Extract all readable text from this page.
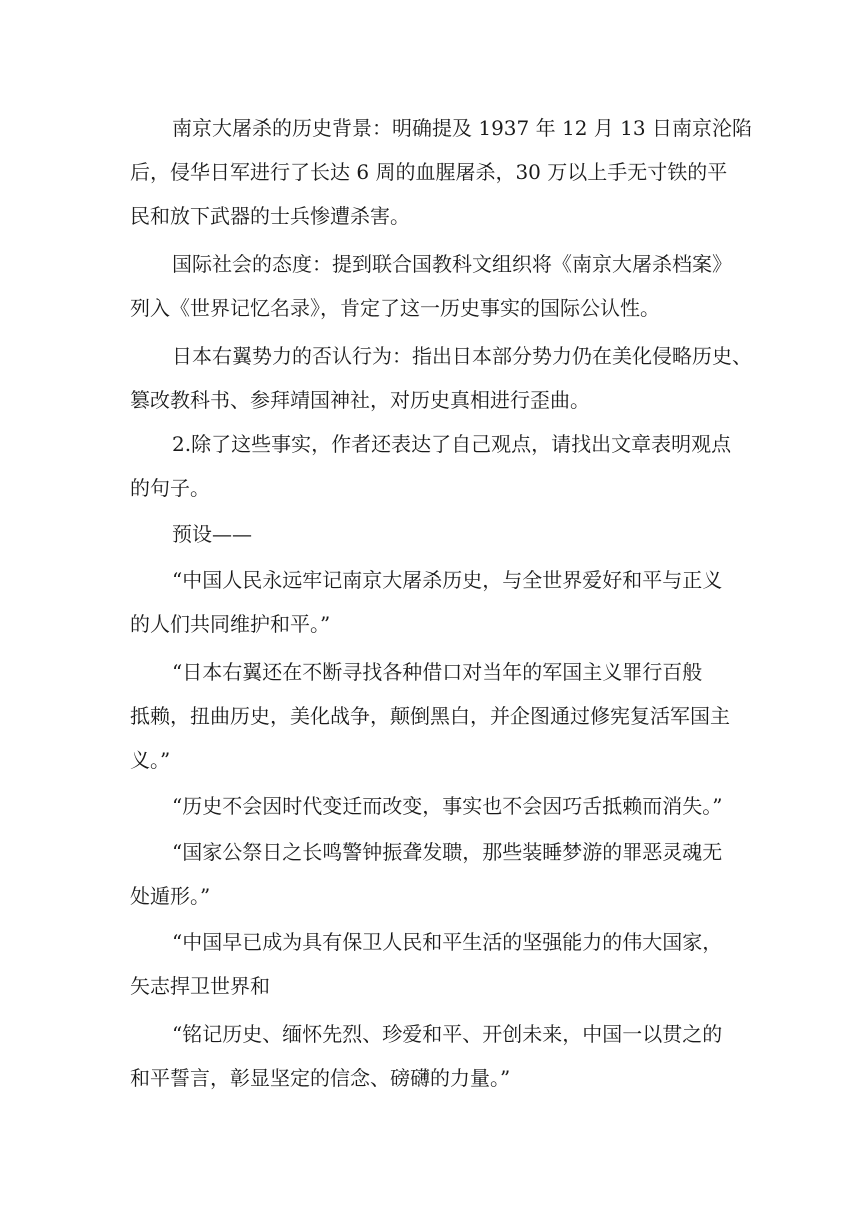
南京大屠杀的历史背景：明确提及 1937 年 12 月 13 日南京沦陷
后，侵华日军进行了长达 6 周的血腥屠杀，30 万以上手无寸铁的平
民和放下武器的士兵惨遭杀害。
国际社会的态度：提到联合国教科文组织将《南京大屠杀档案》
列入《世界记忆名录》，肯定了这一历史事实的国际公认性。
日本右翼势力的否认行为：指出日本部分势力仍在美化侵略历史、
篡改教科书、参拜靖国神社，对历史真相进行歪曲。
2.除了这些事实，作者还表达了自己观点，请找出文章表明观点
的句子。
预设——
“中国人民永远牢记南京大屠杀历史，与全世界爱好和平与正义
的人们共同维护和平。”
“日本右翼还在不断寻找各种借口对当年的军国主义罪行百般
抵赖，扭曲历史，美化战争，颠倒黑白，并企图通过修宪复活军国主
义。”
“历史不会因时代变迁而改变，事实也不会因巧舌抵赖而消失。”
“国家公祭日之长鸣警钟振聋发聩，那些装睡梦游的罪恶灵魂无
处遁形。”
“中国早已成为具有保卫人民和平生活的坚强能力的伟大国家，
矢志捍卫世界和
“铭记历史、缅怀先烈、珍爱和平、开创未来，中国一以贯之的
和平誓言，彰显坚定的信念、磅礴的力量。”
